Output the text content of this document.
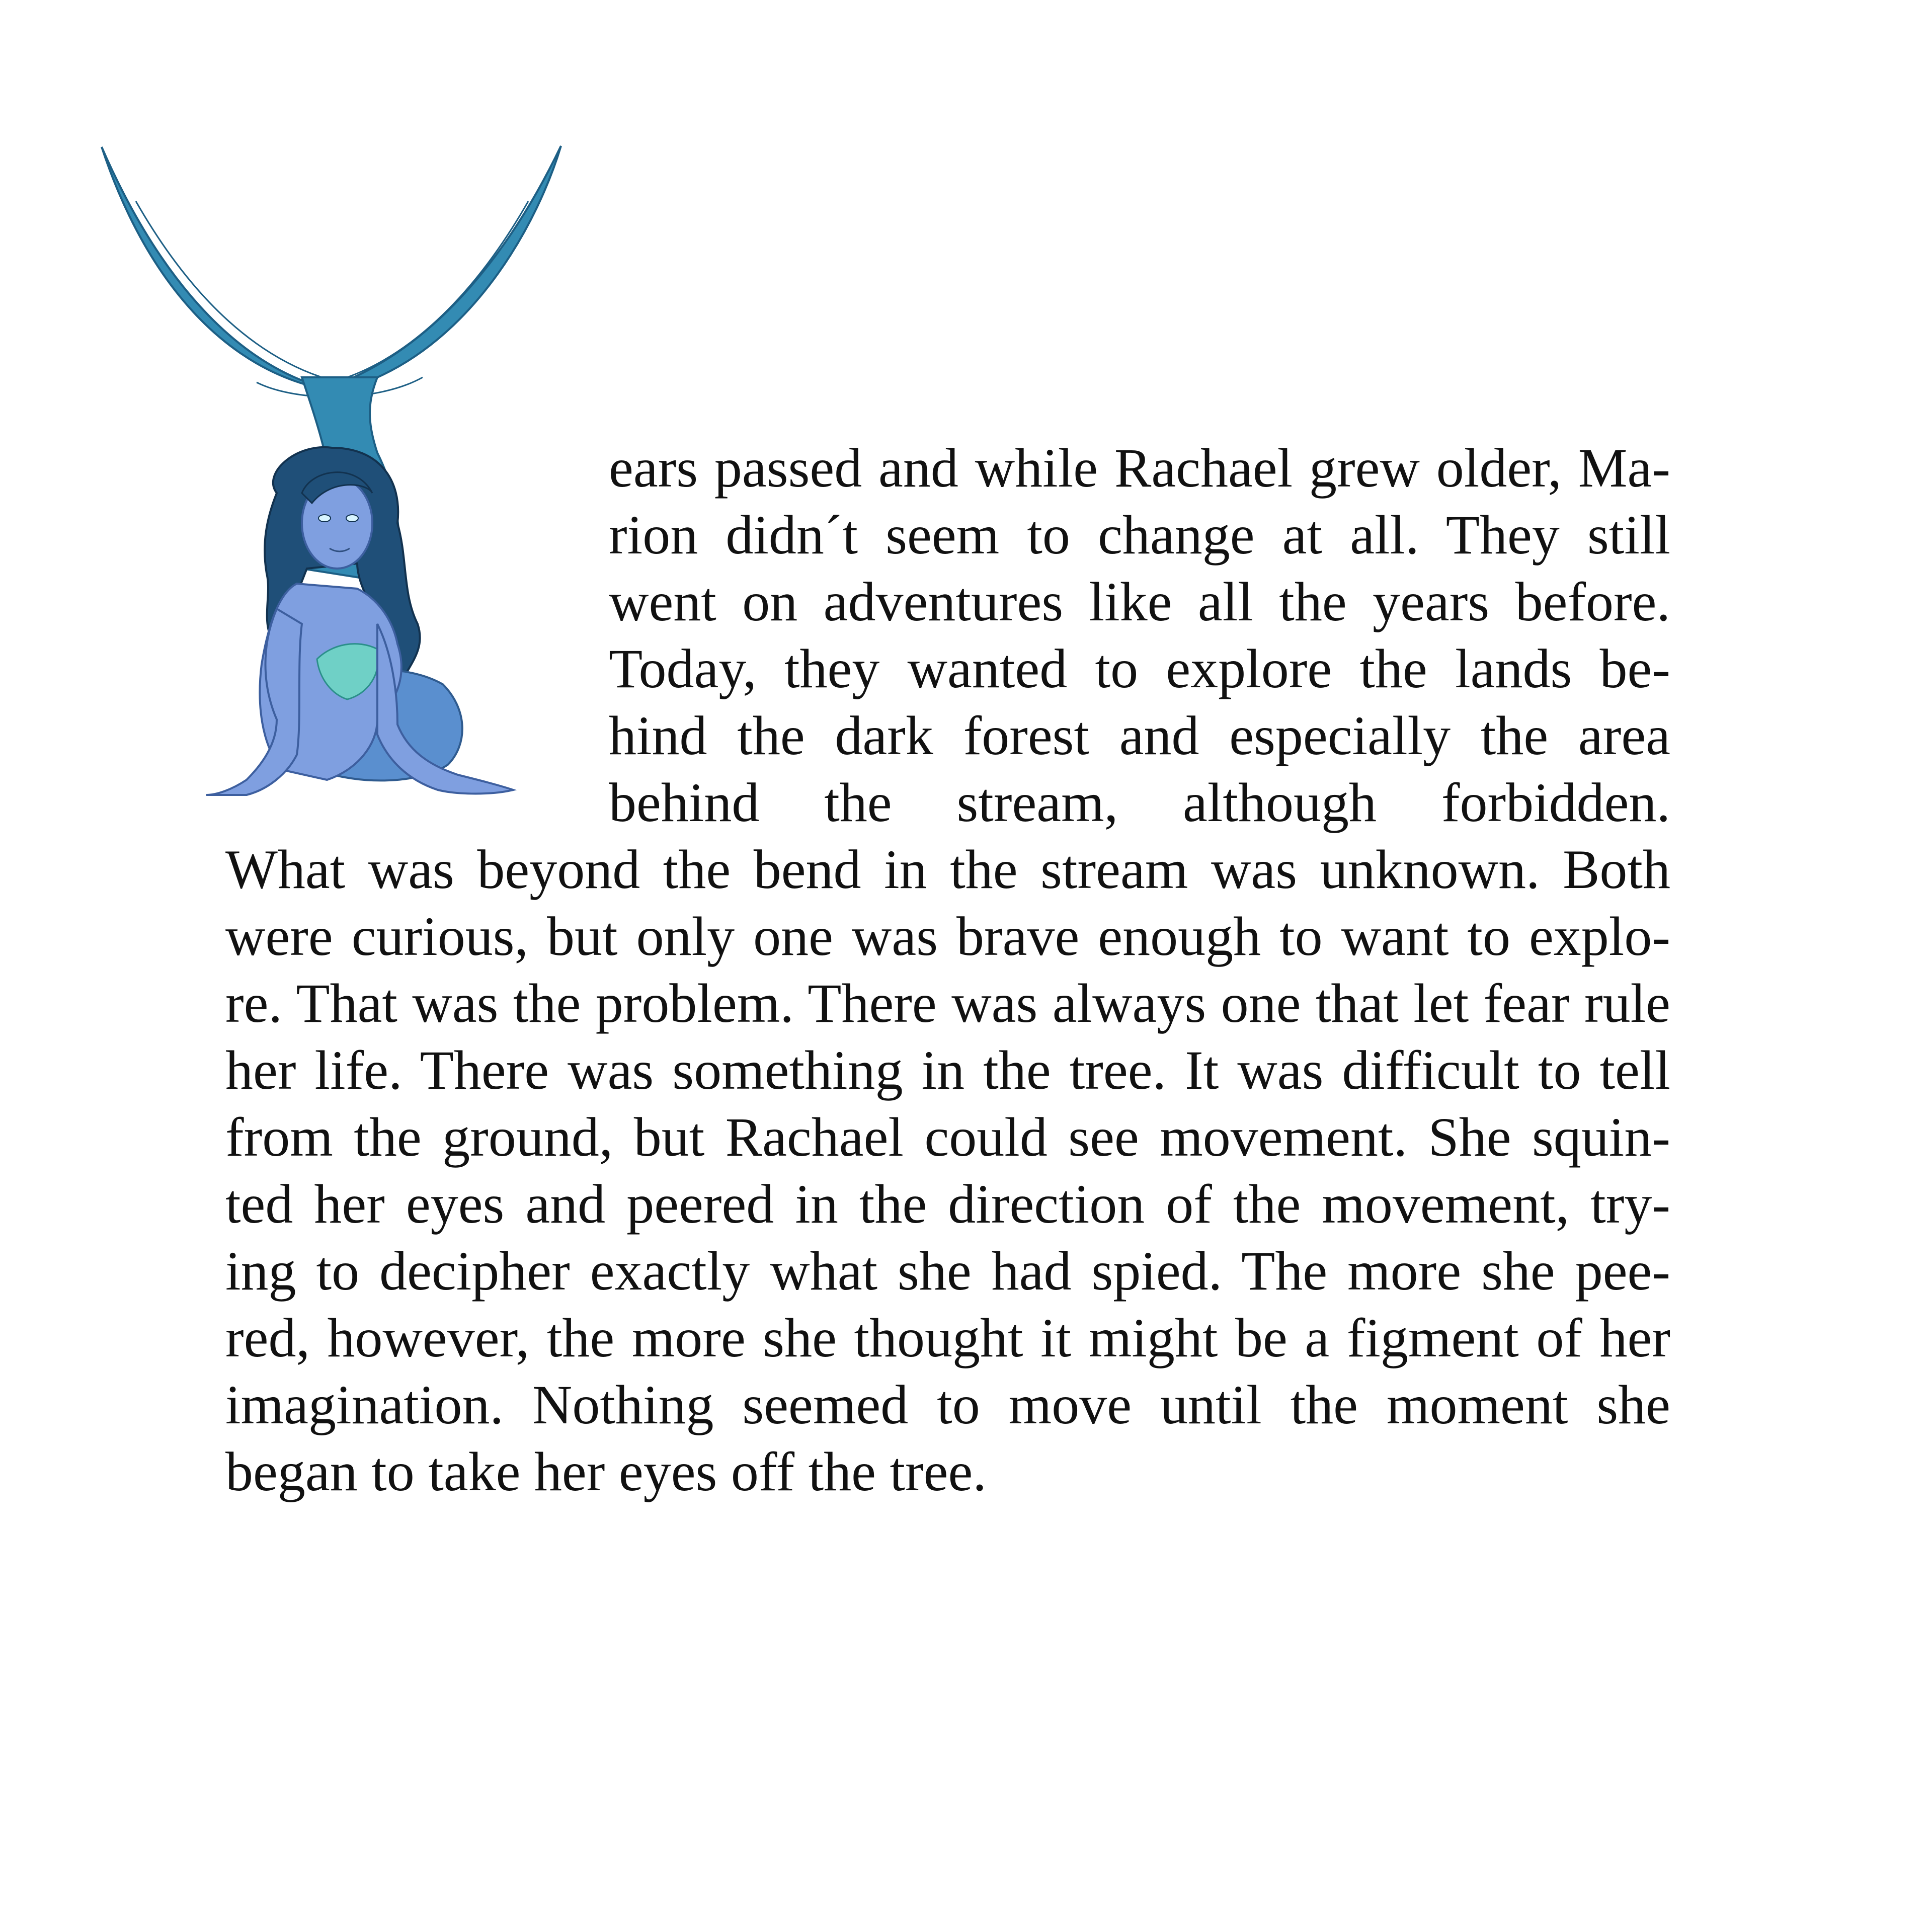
ears passed and while Rachael grew older, Ma-
rion didn´t seem to change at all. They still
went on adventures like all the years before.
Today, they wanted to explore the lands be-
hind the dark forest and especially the area
behind the stream, although forbidden.
What was beyond the bend in the stream was unknown. Both
were curious, but only one was brave enough to want to explo-
re. That was the problem. There was always one that let fear rule
her life. There was something in the tree. It was difficult to tell
from the ground, but Rachael could see movement. She squin-
ted her eyes and peered in the direction of the movement, try-
ing to decipher exactly what she had spied. The more she pee-
red, however, the more she thought it might be a figment of her
imagination. Nothing seemed to move until the moment she
began to take her eyes off the tree.
